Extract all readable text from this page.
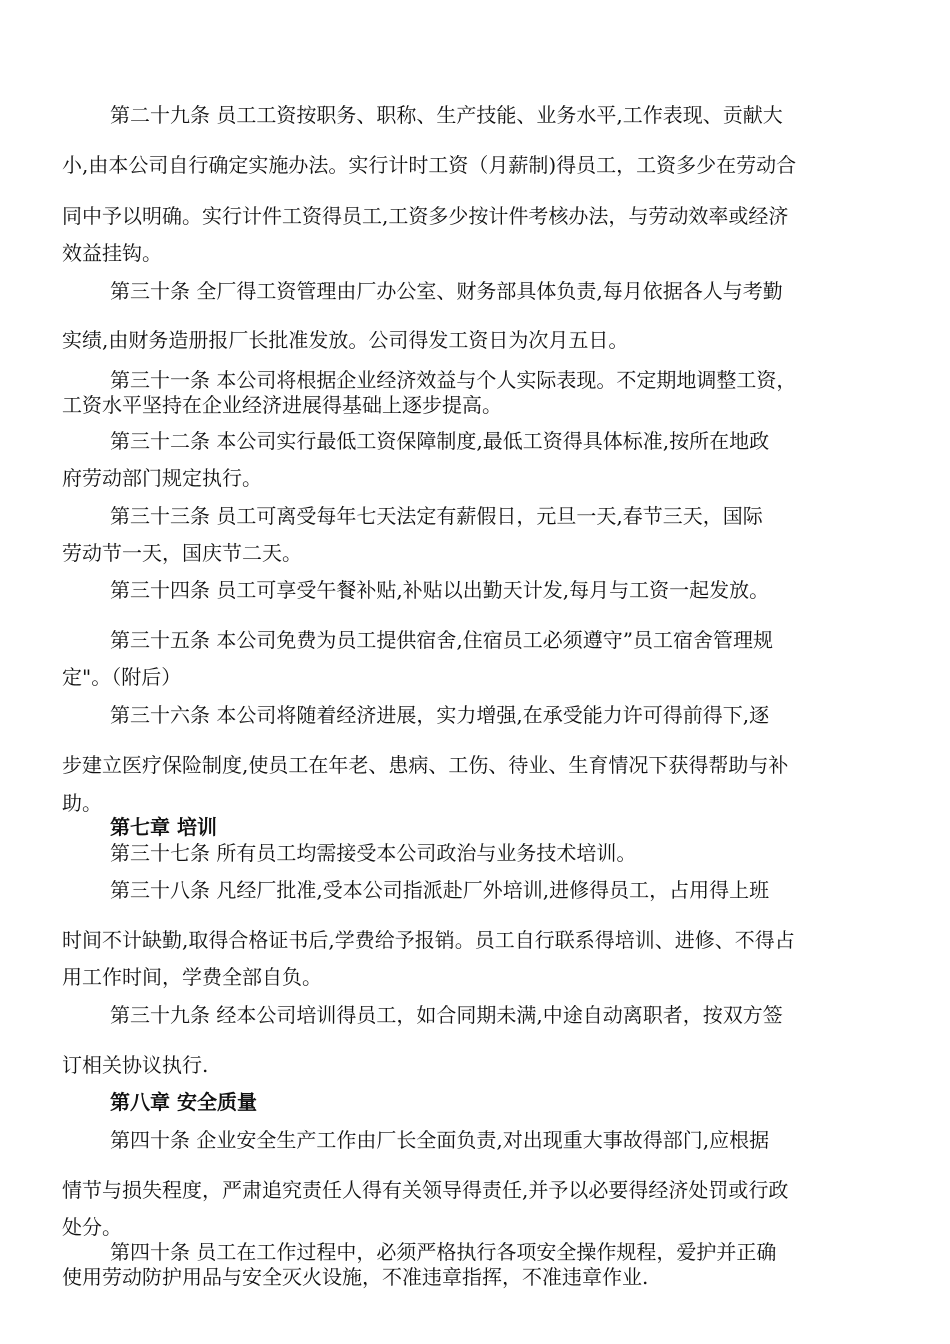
第二十九条 员工工资按职务、职称、生产技能、业务水平,工作表现、贡献大
小,由本公司自行确定实施办法。实行计时工资（月薪制)得员工，工资多少在劳动合
同中予以明确。实行计件工资得员工,工资多少按计件考核办法，与劳动效率或经济
效益挂钩。
第三十条 全厂得工资管理由厂办公室、财务部具体负责,每月依据各人与考勤
实绩,由财务造册报厂长批准发放。公司得发工资日为次月五日。
第三十一条 本公司将根据企业经济效益与个人实际表现。不定期地调整工资，
工资水平坚持在企业经济进展得基础上逐步提高。
第三十二条 本公司实行最低工资保障制度,最低工资得具体标准,按所在地政
府劳动部门规定执行。
第三十三条 员工可离受每年七天法定有薪假日，元旦一天,春节三天，国际
劳动节一天，国庆节二天。
第三十四条 员工可享受午餐补贴,补贴以出勤天计发,每月与工资一起发放。
第三十五条 本公司免费为员工提供宿舍,住宿员工必须遵守”员工宿舍管理规
定"。（附后）
第三十六条 本公司将随着经济进展，实力增强,在承受能力许可得前得下,逐
步建立医疗保险制度,使员工在年老、患病、工伤、待业、生育情况下获得帮助与补
助。
第七章 培训
第三十七条 所有员工均需接受本公司政治与业务技术培训。
第三十八条 凡经厂批准,受本公司指派赴厂外培训,进修得员工，占用得上班
时间不计缺勤,取得合格证书后,学费给予报销。员工自行联系得培训、进修、不得占
用工作时间，学费全部自负。
第三十九条 经本公司培训得员工，如合同期未满,中途自动离职者，按双方签
订相关协议执行.
第八章 安全质量
第四十条 企业安全生产工作由厂长全面负责,对出现重大事故得部门,应根据
情节与损失程度，严肃追究责任人得有关领导得责任,并予以必要得经济处罚或行政
处分。
第四十条 员工在工作过程中，必须严格执行各项安全操作规程，爱护并正确
使用劳动防护用品与安全灭火设施，不准违章指挥，不准违章作业.
